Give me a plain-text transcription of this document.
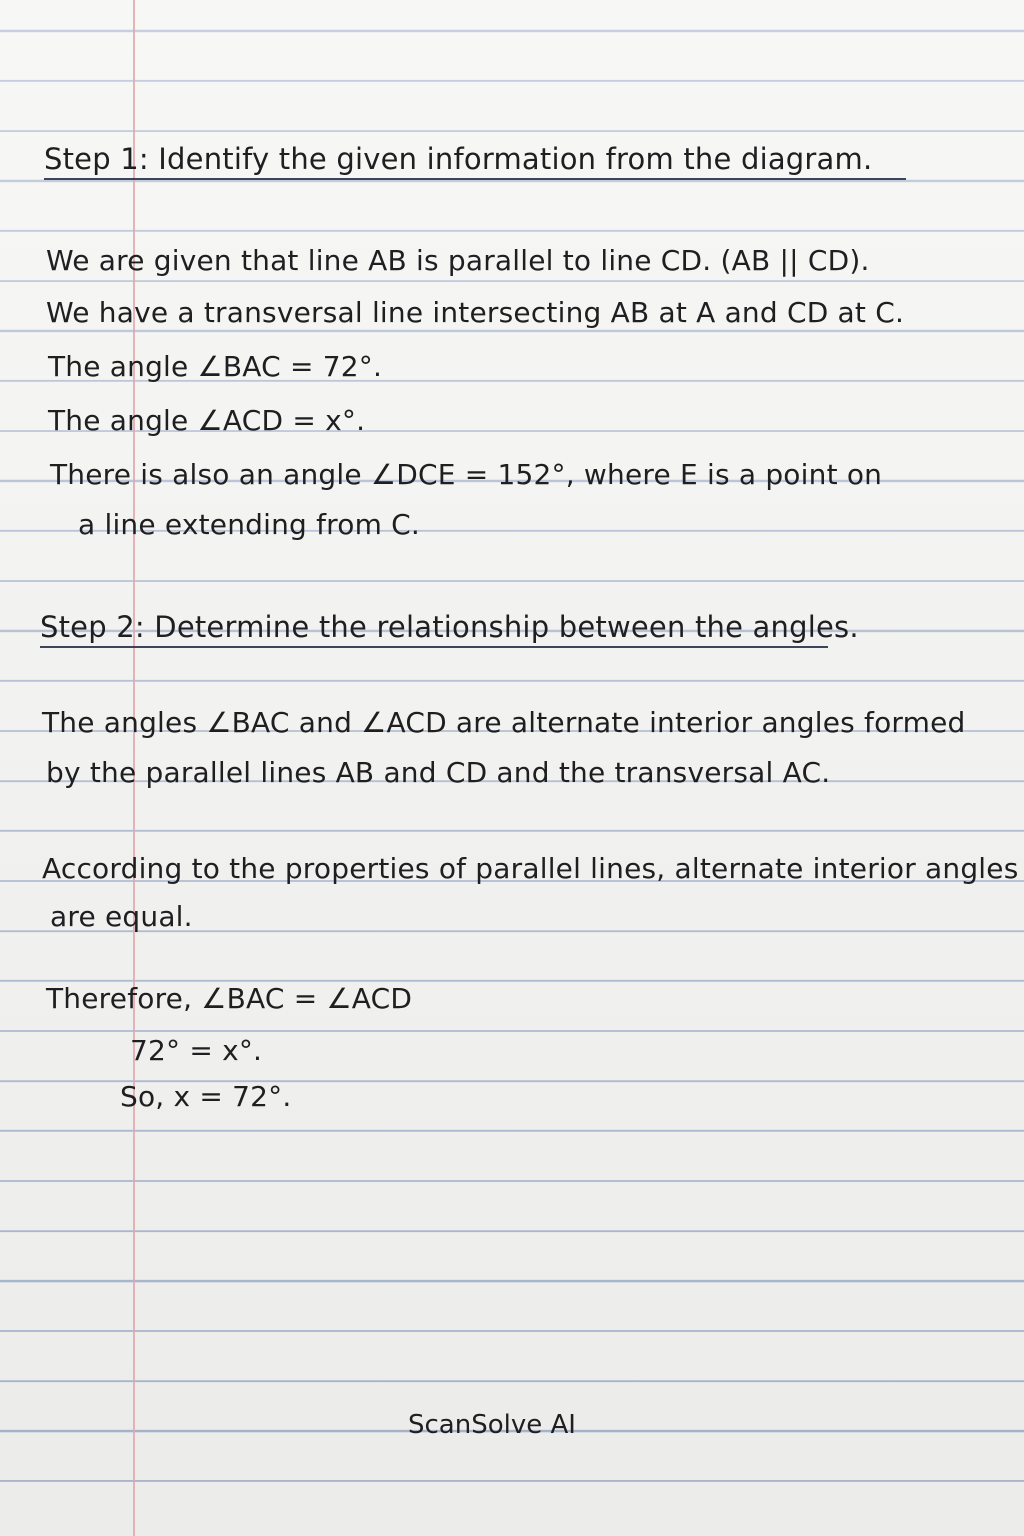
Step 1: Identify the given information from the diagram.
We are given that line AB is parallel to line CD. (AB || CD).
We have a transversal line intersecting AB at A and CD at C.
The angle ∠BAC = 72°.
The angle ∠ACD = x°.
There is also an angle ∠DCE = 152°, where E is a point on
a line extending from C.
Step 2: Determine the relationship between the angles.
The angles ∠BAC and ∠ACD are alternate interior angles formed
by the parallel lines AB and CD and the transversal AC.
According to the properties of parallel lines, alternate interior angles
are equal.
Therefore, ∠BAC = ∠ACD
72° = x°.
So, x = 72°.
ScanSolve AI
